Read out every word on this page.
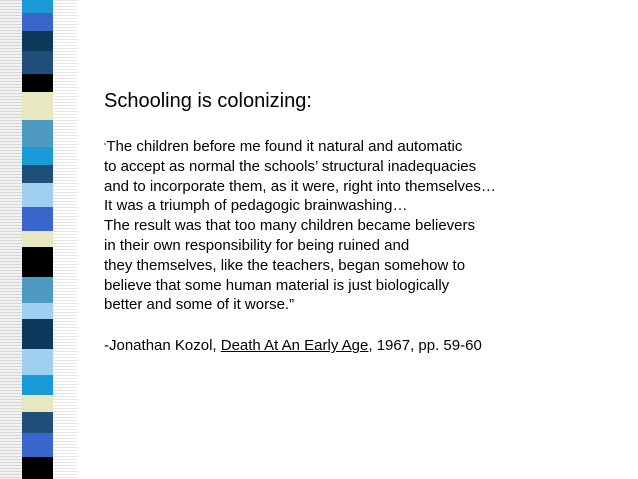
Schooling is colonizing:
“The children before me found it natural and automatic
to accept as normal the schools’ structural inadequacies
and to incorporate them, as it were, right into themselves…
It was a triumph of pedagogic brainwashing…
The result was that too many children became believers
in their own responsibility for being ruined and
they themselves, like the teachers, began somehow to
believe that some human material is just biologically
better and some of it worse.”
-Jonathan Kozol, Death At An Early Age, 1967, pp. 59-60
